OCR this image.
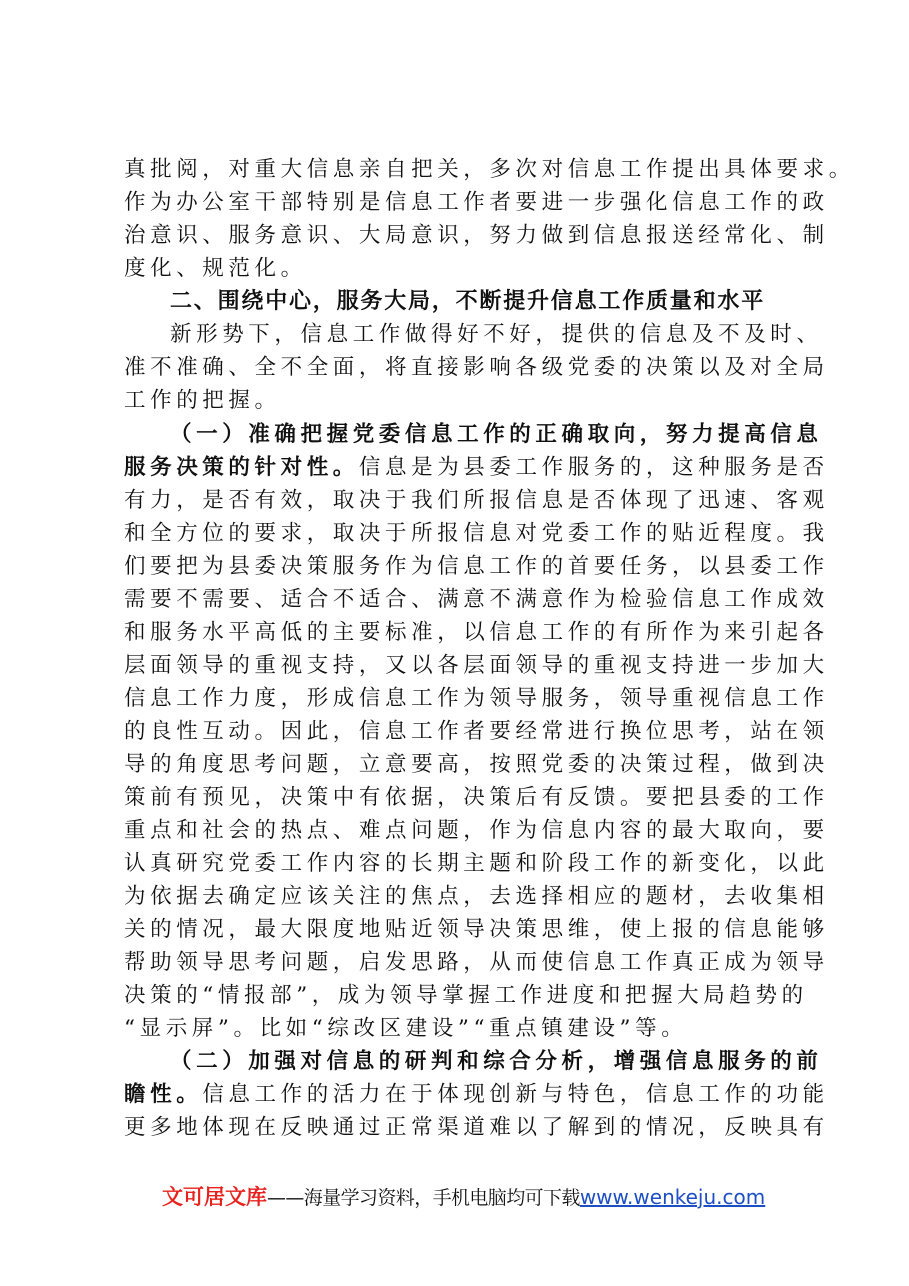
真批阅，对重大信息亲自把关，多次对信息工作提出具体要求。
作为办公室干部特别是信息工作者要进一步强化信息工作的政
治意识、服务意识、大局意识，努力做到信息报送经常化、制
度化、规范化。
二、围绕中心，服务大局，不断提升信息工作质量和水平
新形势下，信息工作做得好不好，提供的信息及不及时、
准不准确、全不全面，将直接影响各级党委的决策以及对全局
工作的把握。
（一）准确把握党委信息工作的正确取向，努力提高信息
服务决策的针对性。信息是为县委工作服务的，这种服务是否
有力，是否有效，取决于我们所报信息是否体现了迅速、客观
和全方位的要求，取决于所报信息对党委工作的贴近程度。我
们要把为县委决策服务作为信息工作的首要任务，以县委工作
需要不需要、适合不适合、满意不满意作为检验信息工作成效
和服务水平高低的主要标准，以信息工作的有所作为来引起各
层面领导的重视支持，又以各层面领导的重视支持进一步加大
信息工作力度，形成信息工作为领导服务，领导重视信息工作
的良性互动。因此，信息工作者要经常进行换位思考，站在领
导的角度思考问题，立意要高，按照党委的决策过程，做到决
策前有预见，决策中有依据，决策后有反馈。要把县委的工作
重点和社会的热点、难点问题，作为信息内容的最大取向，要
认真研究党委工作内容的长期主题和阶段工作的新变化，以此
为依据去确定应该关注的焦点，去选择相应的题材，去收集相
关的情况，最大限度地贴近领导决策思维，使上报的信息能够
帮助领导思考问题，启发思路，从而使信息工作真正成为领导
决策的“情报部”，成为领导掌握工作进度和把握大局趋势的
“显示屏”。比如“综改区建设”“重点镇建设”等。
（二）加强对信息的研判和综合分析，增强信息服务的前
瞻性。信息工作的活力在于体现创新与特色，信息工作的功能
更多地体现在反映通过正常渠道难以了解到的情况，反映具有
文可居文库——海量学习资料，手机电脑均可下载www.wenkeju.com
